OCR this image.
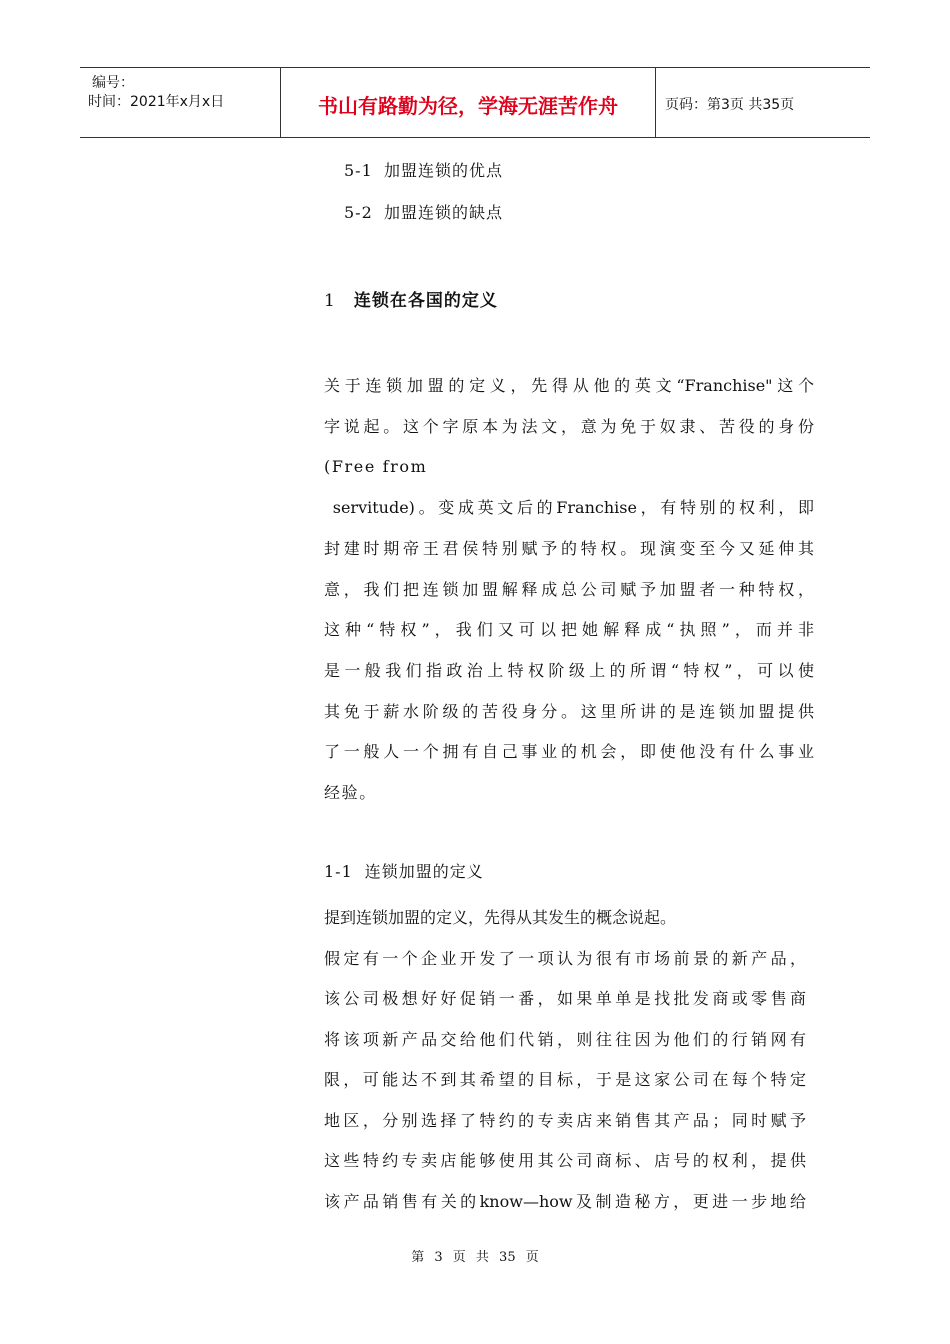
编号：
时间：2021年x月x日	书山有路勤为径，学海无涯苦作舟	页码：第3页 共35页
5-1 加盟连锁的优点
5-2 加盟连锁的缺点
1 连锁在各国的定义
关于连锁加盟的定义，先得从他的英文“Franchise"这个
字说起。这个字原本为法文，意为免于奴隶、苦役的身份
(Free from
servitude)。变成英文后的Franchise，有特别的权利，即
封建时期帝王君侯特别赋予的特权。现演变至今又延伸其
意，我们把连锁加盟解释成总公司赋予加盟者一种特权，
这种“特权”，我们又可以把她解释成“执照”，而并非
是一般我们指政治上特权阶级上的所谓“特权”，可以使
其免于薪水阶级的苦役身分。这里所讲的是连锁加盟提供
了一般人一个拥有自己事业的机会，即使他没有什么事业
经验。
1-1 连锁加盟的定义
提到连锁加盟的定义，先得从其发生的概念说起。
假定有一个企业开发了一项认为很有市场前景的新产品，
该公司极想好好促销一番，如果单单是找批发商或零售商
将该项新产品交给他们代销，则往往因为他们的行销网有
限，可能达不到其希望的目标，于是这家公司在每个特定
地区，分别选择了特约的专卖店来销售其产品；同时赋予
这些特约专卖店能够使用其公司商标、店号的权利，提供
该产品销售有关的know—how及制造秘方，更进一步地给
第 3 页 共 35 页
